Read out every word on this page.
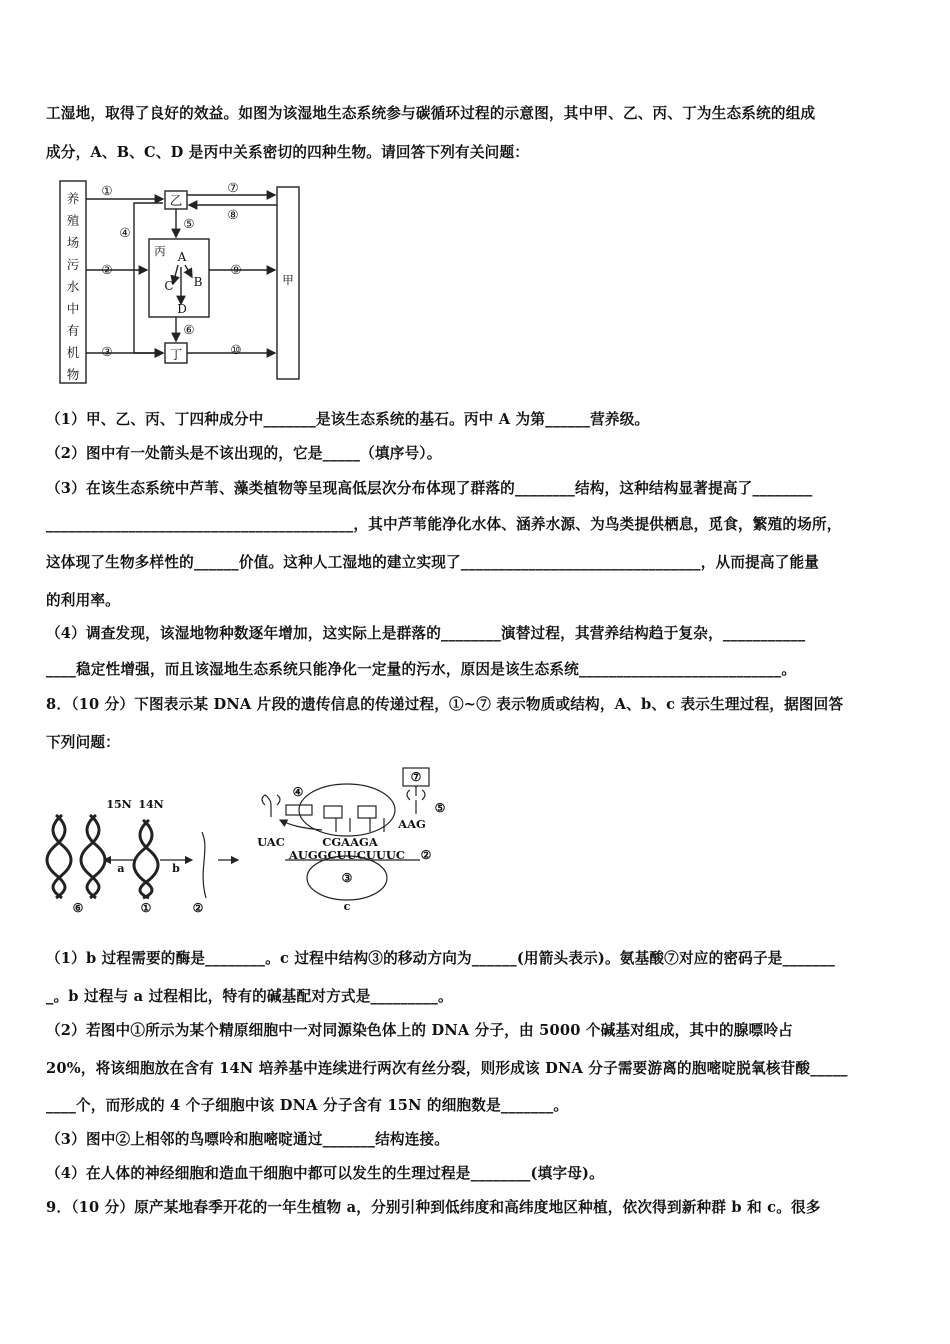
工湿地，取得了良好的效益。如图为该湿地生态系统参与碳循环过程的示意图，其中甲、乙、丙、丁为生态系统的组成
成分，A、B、C、D 是丙中关系密切的四种生物。请回答下列有关问题：
养
殖
场
污
水
中
有
机
物
乙
丙
丁
甲
A
C B
D
①
②
③
④
⑤
⑥
⑦
⑧
⑨
⑩
（1）甲、乙、丙、丁四种成分中_______是该生态系统的基石。丙中 A 为第______营养级。
（2）图中有一处箭头是不该出现的，它是_____（填序号）。
（3）在该生态系统中芦苇、藻类植物等呈现高低层次分布体现了群落的________结构，这种结构显著提高了________
_________________________________________，其中芦苇能净化水体、涵养水源、为鸟类提供栖息，觅食，繁殖的场所，
这体现了生物多样性的______价值。这种人工湿地的建立实现了________________________________，从而提高了能量
的利用率。
（4）调查发现，该湿地物种数逐年增加，这实际上是群落的________演替过程，其营养结构趋于复杂，___________
____稳定性增强，而且该湿地生态系统只能净化一定量的污水，原因是该生态系统___________________________。
8．（10 分）下图表示某 DNA 片段的遗传信息的传递过程，①~⑦ 表示物质或结构，A、b、c 表示生理过程，据图回答
下列问题：
15N 14N
a	b
⑥	①	②
④
⑦
⑤
UAC
AAG
CGAAGA
AUGGCUUCUUUC ②
③
c
（1）b 过程需要的酶是________。c 过程中结构③的移动方向为______(用箭头表示)。氨基酸⑦对应的密码子是_______
_。b 过程与 a 过程相比，特有的碱基配对方式是_________。
（2）若图中①所示为某个精原细胞中一对同源染色体上的 DNA 分子，由 5000 个碱基对组成，其中的腺嘌呤占
20%，将该细胞放在含有 14N 培养基中连续进行两次有丝分裂，则形成该 DNA 分子需要游离的胞嘧啶脱氧核苷酸_____
____个，而形成的 4 个子细胞中该 DNA 分子含有 15N 的细胞数是_______。
（3）图中②上相邻的鸟嘌呤和胞嘧啶通过_______结构连接。
（4）在人体的神经细胞和造血干细胞中都可以发生的生理过程是________(填字母)。
9．（10 分）原产某地春季开花的一年生植物 a，分别引种到低纬度和高纬度地区种植，依次得到新种群 b 和 c。很多
